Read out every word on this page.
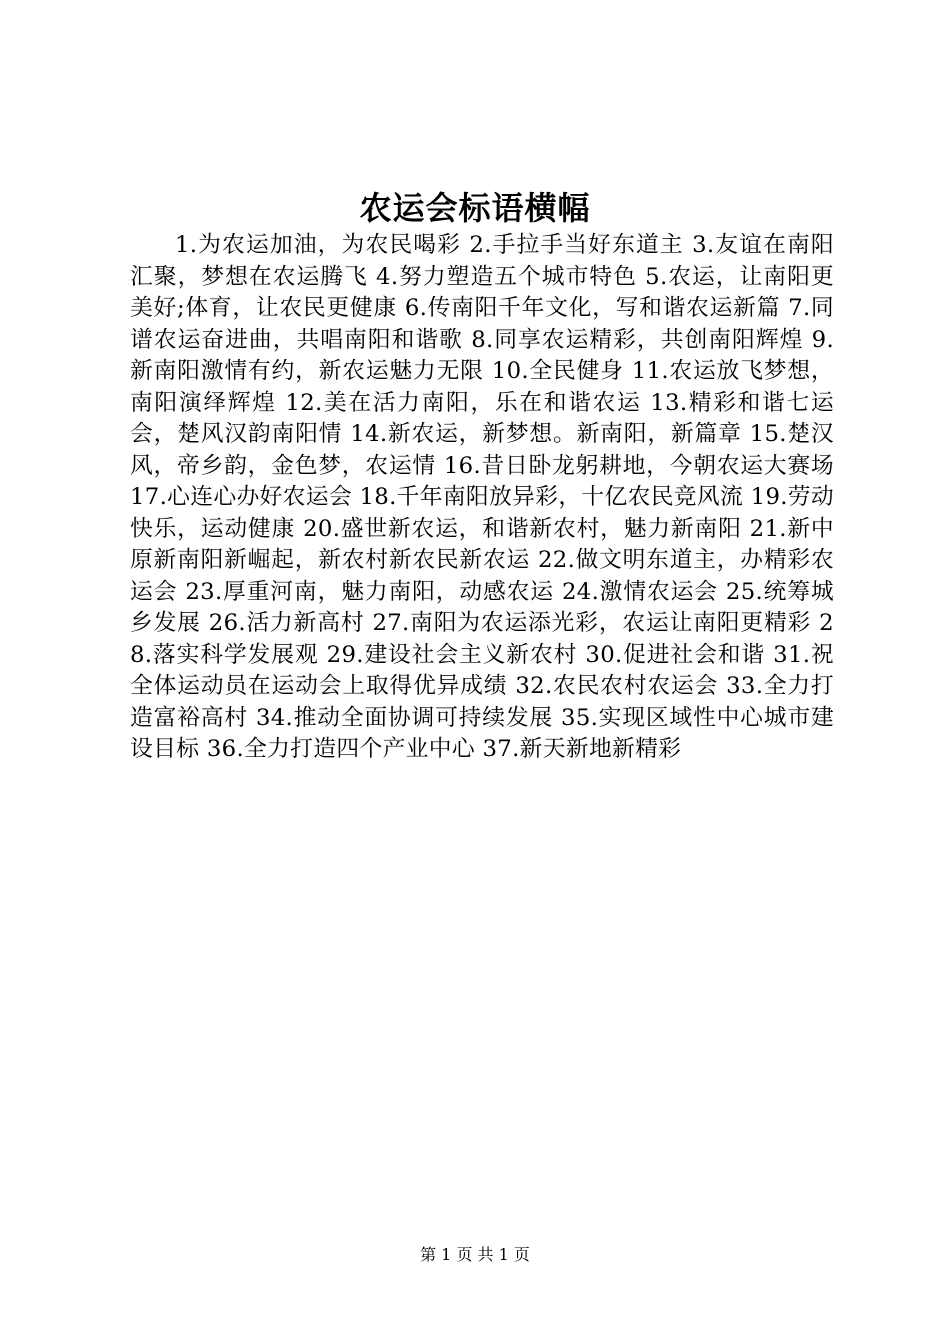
农运会标语横幅
1.为农运加油，为农民喝彩 2.手拉手当好东道主 3.友谊在南阳汇聚，梦想在农运腾飞 4.努力塑造五个城市特色 5.农运，让南阳更美好;体育，让农民更健康 6.传南阳千年文化，写和谐农运新篇 7.同谱农运奋进曲，共唱南阳和谐歌 8.同享农运精彩，共创南阳辉煌 9.新南阳激情有约，新农运魅力无限 10.全民健身 11.农运放飞梦想，南阳演绎辉煌 12.美在活力南阳，乐在和谐农运 13.精彩和谐七运会，楚风汉韵南阳情 14.新农运，新梦想。新南阳，新篇章 15.楚汉风，帝乡韵，金色梦，农运情 16.昔日卧龙躬耕地，今朝农运大赛场 17.心连心办好农运会 18.千年南阳放异彩，十亿农民竞风流 19.劳动快乐，运动健康 20.盛世新农运，和谐新农村，魅力新南阳 21.新中原新南阳新崛起，新农村新农民新农运 22.做文明东道主，办精彩农运会 23.厚重河南，魅力南阳，动感农运 24.激情农运会 25.统筹城乡发展 26.活力新高村 27.南阳为农运添光彩，农运让南阳更精彩 28.落实科学发展观 29.建设社会主义新农村 30.促进社会和谐 31.祝全体运动员在运动会上取得优异成绩 32.农民农村农运会 33.全力打造富裕高村 34.推动全面协调可持续发展 35.实现区域性中心城市建设目标 36.全力打造四个产业中心 37.新天新地新精彩
第 1 页 共 1 页
